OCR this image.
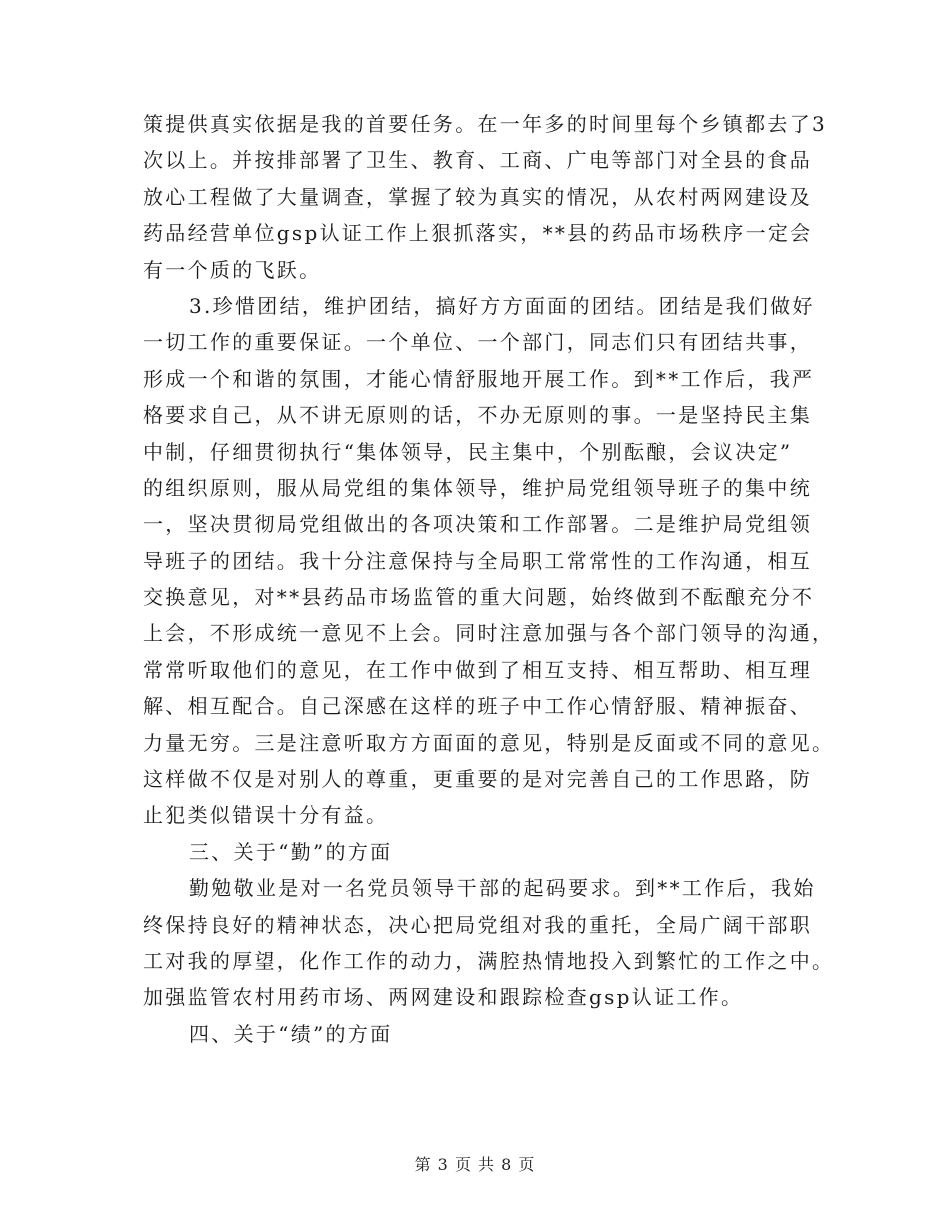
策提供真实依据是我的首要任务。在一年多的时间里每个乡镇都去了3
次以上。并按排部署了卫生、教育、工商、广电等部门对全县的食品
放心工程做了大量调查，掌握了较为真实的情况，从农村两网建设及
药品经营单位gsp认证工作上狠抓落实，**县的药品市场秩序一定会
有一个质的飞跃。
3.珍惜团结，维护团结，搞好方方面面的团结。团结是我们做好
一切工作的重要保证。一个单位、一个部门，同志们只有团结共事，
形成一个和谐的氛围，才能心情舒服地开展工作。到**工作后，我严
格要求自己，从不讲无原则的话，不办无原则的事。一是坚持民主集
中制，仔细贯彻执行“集体领导，民主集中，个别酝酿，会议决定”
的组织原则，服从局党组的集体领导，维护局党组领导班子的集中统
一，坚决贯彻局党组做出的各项决策和工作部署。二是维护局党组领
导班子的团结。我十分注意保持与全局职工常常性的工作沟通，相互
交换意见，对**县药品市场监管的重大问题，始终做到不酝酿充分不
上会，不形成统一意见不上会。同时注意加强与各个部门领导的沟通，
常常听取他们的意见，在工作中做到了相互支持、相互帮助、相互理
解、相互配合。自己深感在这样的班子中工作心情舒服、精神振奋、
力量无穷。三是注意听取方方面面的意见，特别是反面或不同的意见。
这样做不仅是对别人的尊重，更重要的是对完善自己的工作思路，防
止犯类似错误十分有益。
三、关于“勤”的方面
勤勉敬业是对一名党员领导干部的起码要求。到**工作后，我始
终保持良好的精神状态，决心把局党组对我的重托，全局广阔干部职
工对我的厚望，化作工作的动力，满腔热情地投入到繁忙的工作之中。
加强监管农村用药市场、两网建设和跟踪检查gsp认证工作。
四、关于“绩”的方面
第 3 页 共 8 页
